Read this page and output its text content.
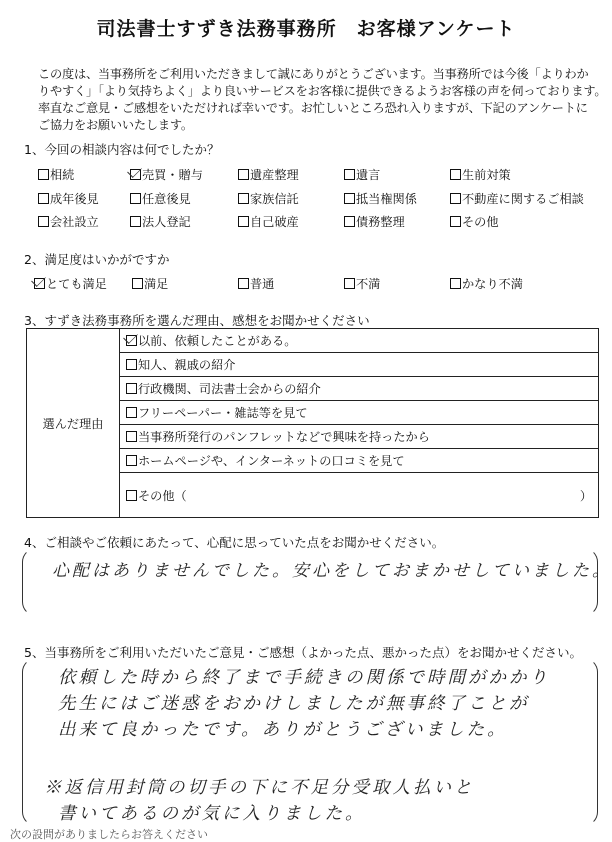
司法書士すずき法務事務所　お客様アンケート
この度は、当事務所をご利用いただきまして誠にありがとうございます。当事務所では今後「よりわか
りやすく」「より気持ちよく」より良いサービスをお客様に提供できるようお客様の声を伺っております。
率直なご意見・ご感想をいただければ幸いです。お忙しいところ恐れ入りますが、下記のアンケートに
ご協力をお願いいたします。
1、今回の相談内容は何でしたか？
相続	売買・贈与	遺産整理	遺言	生前対策
成年後見	任意後見	家族信託	抵当権関係	不動産に関するご相談
会社設立	法人登記	自己破産	債務整理	その他
2、満足度はいかがですか
とても満足	満足	普通	不満	かなり不満
3、すずき法務事務所を選んだ理由、感想をお聞かせください
選んだ理由	以前、依頼したことがある。
知人、親戚の紹介
行政機関、司法書士会からの紹介
フリーペーパー・雑誌等を見て
当事務所発行のパンフレットなどで興味を持ったから
ホームページや、インターネットの口コミを見て
その他（	）
4、ご相談やご依頼にあたって、心配に思っていた点をお聞かせください。
心配はありませんでした。安心をしておまかせしていました。
5、当事務所をご利用いただいたご意見・ご感想（よかった点、悪かった点）をお聞かせください。
依頼した時から終了まで手続きの関係で時間がかかり
先生にはご迷惑をおかけしましたが無事終了ことが
出来て良かったです。ありがとうございました。
※返信用封筒の切手の下に不足分受取人払いと
書いてあるのが気に入りました。
次の設問がありましたらお答えください
